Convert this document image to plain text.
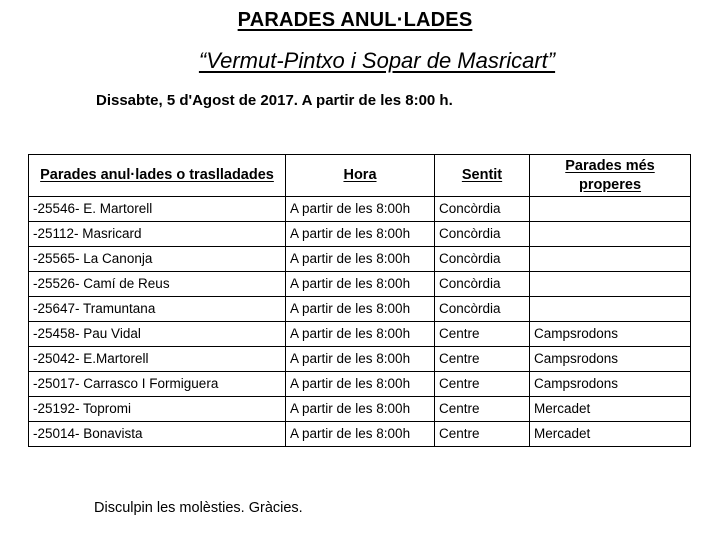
PARADES ANUL·LADES
“Vermut-Pintxo i Sopar de Masricart”
Dissabte, 5 d'Agost de 2017. A partir de les 8:00 h.
Parades anul·lades o traslladades	Hora	Sentit	Parades més properes
-25546- E. Martorell	A partir de les 8:00h	Concòrdia	
-25112- Masricard	A partir de les 8:00h	Concòrdia	
-25565- La Canonja	A partir de les 8:00h	Concòrdia	
-25526- Camí de Reus	A partir de les 8:00h	Concòrdia	
-25647- Tramuntana	A partir de les 8:00h	Concòrdia	
-25458- Pau Vidal	A partir de les 8:00h	Centre	Campsrodons
-25042- E.Martorell	A partir de les 8:00h	Centre	Campsrodons
-25017- Carrasco I Formiguera	A partir de les 8:00h	Centre	Campsrodons
-25192- Topromi	A partir de les 8:00h	Centre	Mercadet
-25014- Bonavista	A partir de les 8:00h	Centre	Mercadet
Disculpin les molèsties. Gràcies.
